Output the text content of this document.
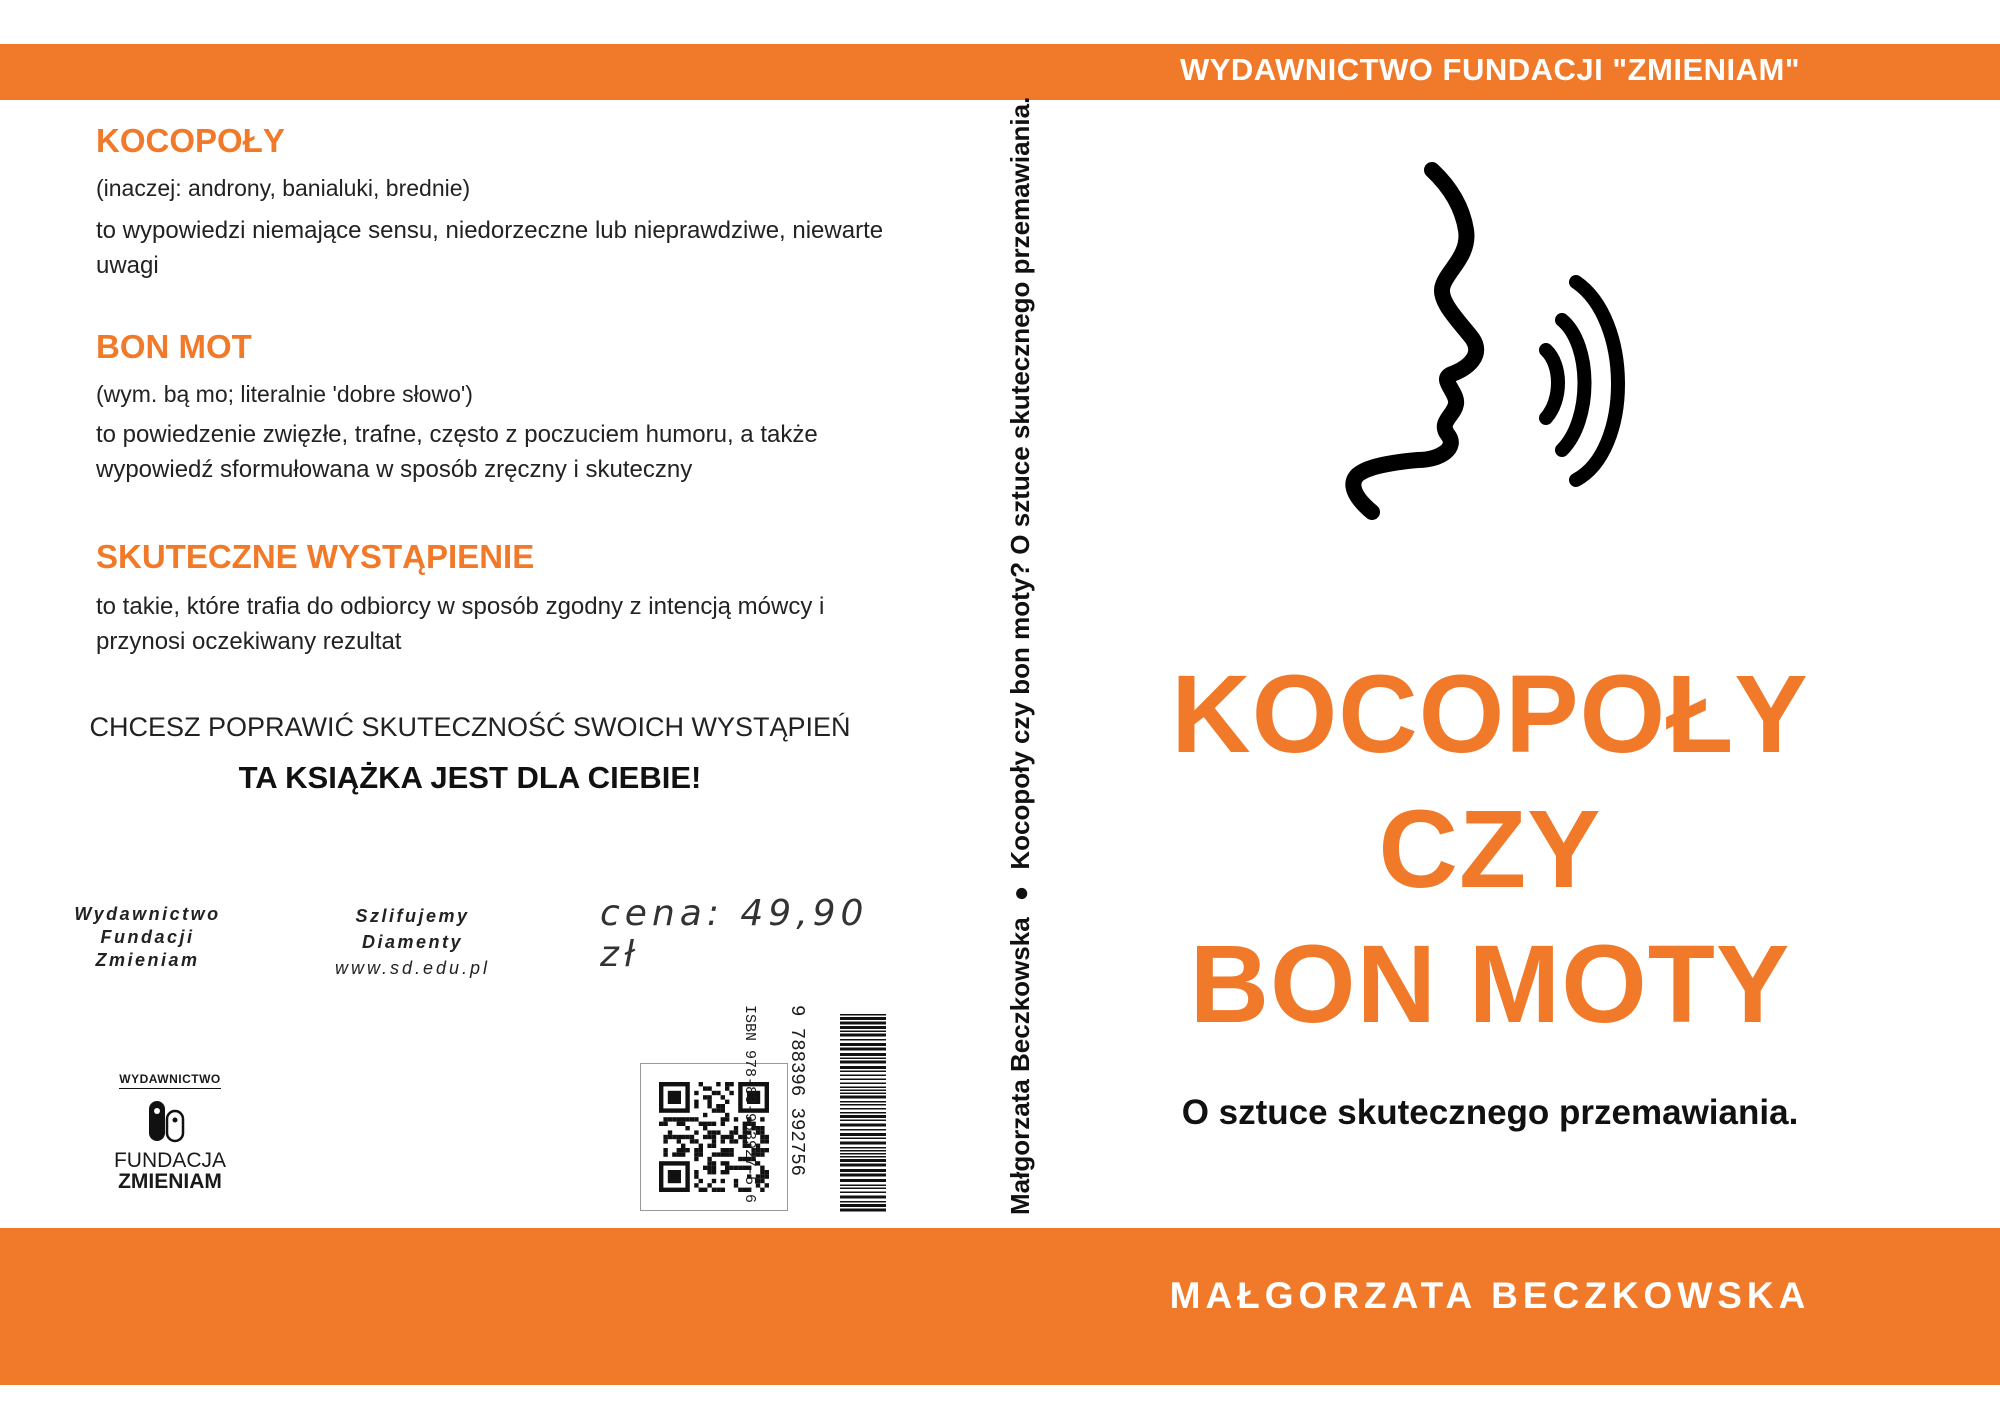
WYDAWNICTWO FUNDACJI "ZMIENIAM"
KOCOPOŁY
(inaczej: androny, banialuki, brednie)
to wypowiedzi niemające sensu, niedorzeczne lub nieprawdziwe, niewarte uwagi
BON MOT
(wym. bą mo; literalnie 'dobre słowo')
to powiedzenie zwięzłe, trafne, często z poczuciem humoru, a także wypowiedź sformułowana w sposób zręczny i skuteczny
SKUTECZNE WYSTĄPIENIE
to takie, które trafia do odbiorcy w sposób zgodny z intencją mówcy i przynosi oczekiwany rezultat
CHCESZ POPRAWIĆ SKUTECZNOŚĆ SWOICH WYSTĄPIEŃ
TA KSIĄŻKA JEST DLA CIEBIE!
Wydawnictwo
Fundacji
Zmieniam
Szlifujemy
Diamenty
www.sd.edu.pl
cena: 49,90 zł
WYDAWNICTWO
FUNDACJA
ZMIENIAM	ISBN 978-83-963927-5-6 9 788396 392756	Małgorzata Beczkowska●Kocopoły czy bon moty? O sztuce skutecznego przemawiania.	KOCOPOŁY
CZY
BON MOTY
O sztuce skutecznego przemawiania.
MAŁGORZATA BECZKOWSKA
